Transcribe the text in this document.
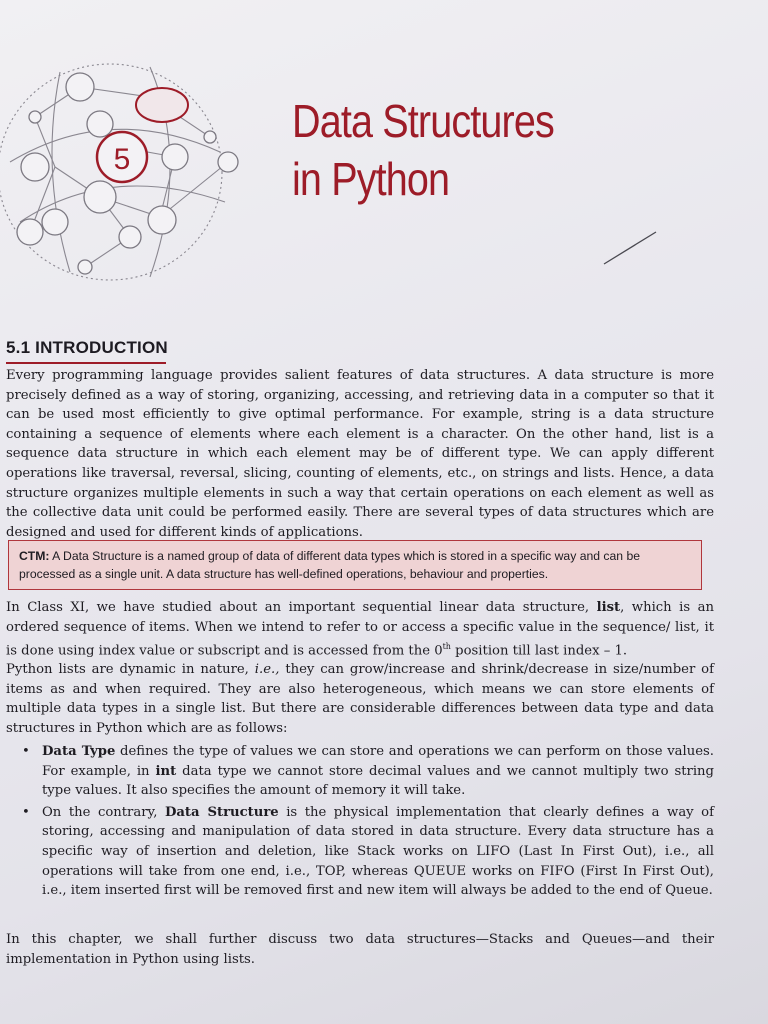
5
Data Structures
in Python
5.1 INTRODUCTION
Every programming language provides salient features of data structures. A data structure is more precisely defined as a way of storing, organizing, accessing, and retrieving data in a computer so that it can be used most efficiently to give optimal performance. For example, string is a data structure containing a sequence of elements where each element is a character. On the other hand, list is a sequence data structure in which each element may be of different type. We can apply different operations like traversal, reversal, slicing, counting of elements, etc., on strings and lists. Hence, a data structure organizes multiple elements in such a way that certain operations on each element as well as the collective data unit could be performed easily. There are several types of data structures which are designed and used for different kinds of applications.
CTM: A Data Structure is a named group of data of different data types which is stored in a specific way and can be processed as a single unit. A data structure has well-defined operations, behaviour and properties.
In Class XI, we have studied about an important sequential linear data structure, list, which is an ordered sequence of items. When we intend to refer to or access a specific value in the sequence/ list, it is done using index value or subscript and is accessed from the 0th position till last index – 1.
Python lists are dynamic in nature, i.e., they can grow/increase and shrink/decrease in size/number of items as and when required. They are also heterogeneous, which means we can store elements of multiple data types in a single list. But there are considerable differences between data type and data structures in Python which are as follows:
• Data Type defines the type of values we can store and operations we can perform on those values. For example, in int data type we cannot store decimal values and we cannot multiply two string type values. It also specifies the amount of memory it will take.
• On the contrary, Data Structure is the physical implementation that clearly defines a way of storing, accessing and manipulation of data stored in data structure. Every data structure has a specific way of insertion and deletion, like Stack works on LIFO (Last In First Out), i.e., all operations will take from one end, i.e., TOP, whereas QUEUE works on FIFO (First In First Out), i.e., item inserted first will be removed first and new item will always be added to the end of Queue.
In this chapter, we shall further discuss two data structures—Stacks and Queues—and their implementation in Python using lists.
